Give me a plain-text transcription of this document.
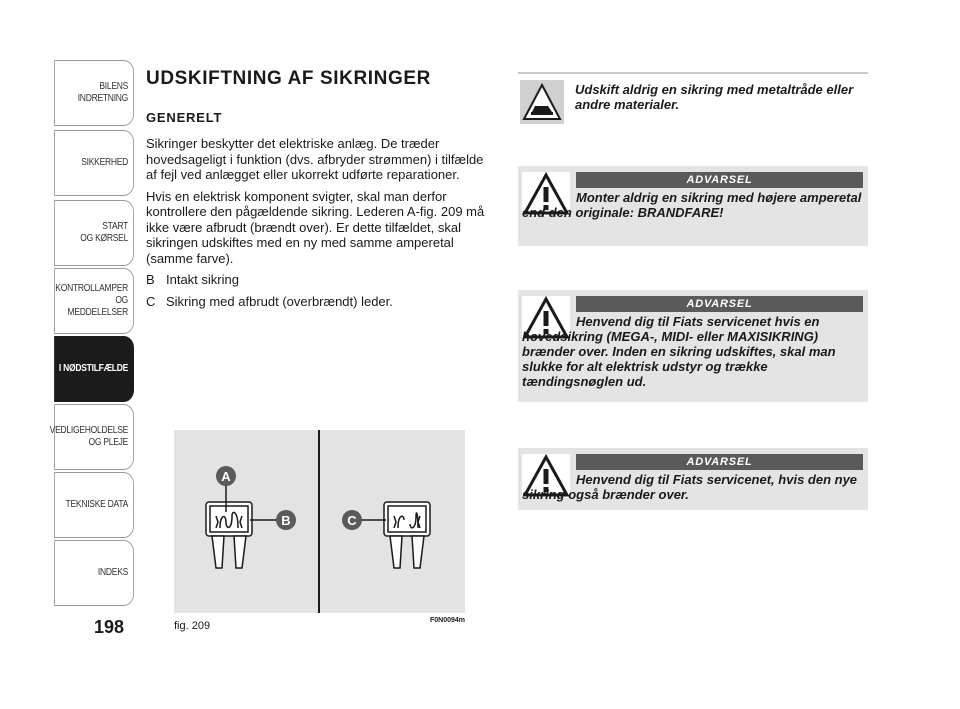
BILENS
INDRETNING
SIKKERHED
START
OG KØRSEL
KONTROLLAMPER
OG MEDDELELSER
I NØDSTILFÆLDE
VEDLIGEHOLDELSE
OG PLEJE
TEKNISKE DATA
INDEKS
198
UDSKIFTNING AF SIKRINGER
GENERELT

Sikringer beskytter det elektriske anlæg. De træder hovedsageligt i funktion (dvs. afbryder strømmen) i tilfælde af fejl ved anlægget eller ukorrekt udførte reparationer.

Hvis en elektrisk komponent svigter, skal man derfor kontrollere den pågældende sikring. Lederen A-fig. 209 må ikke være afbrudt (brændt over). Er dette tilfældet, skal sikringen udskiftes med en ny med samme amperetal (samme farve).

B Intakt sikring
C Sikring med afbrudt (overbrændt) leder.
A
B	C
fig. 209	F0N0094m
Udskift aldrig en sikring med metaltråde eller andre materialer.
ADVARSEL
Monter aldrig en sikring med højere amperetal end den originale: BRANDFARE!
ADVARSEL
Henvend dig til Fiats servicenet hvis en hovedsikring (MEGA-, MIDI- eller MAXISIKRING) brænder over. Inden en sikring udskiftes, skal man slukke for alt elektrisk udstyr og trække tændingsnøglen ud.
ADVARSEL
Henvend dig til Fiats servicenet, hvis den nye sikring også brænder over.
